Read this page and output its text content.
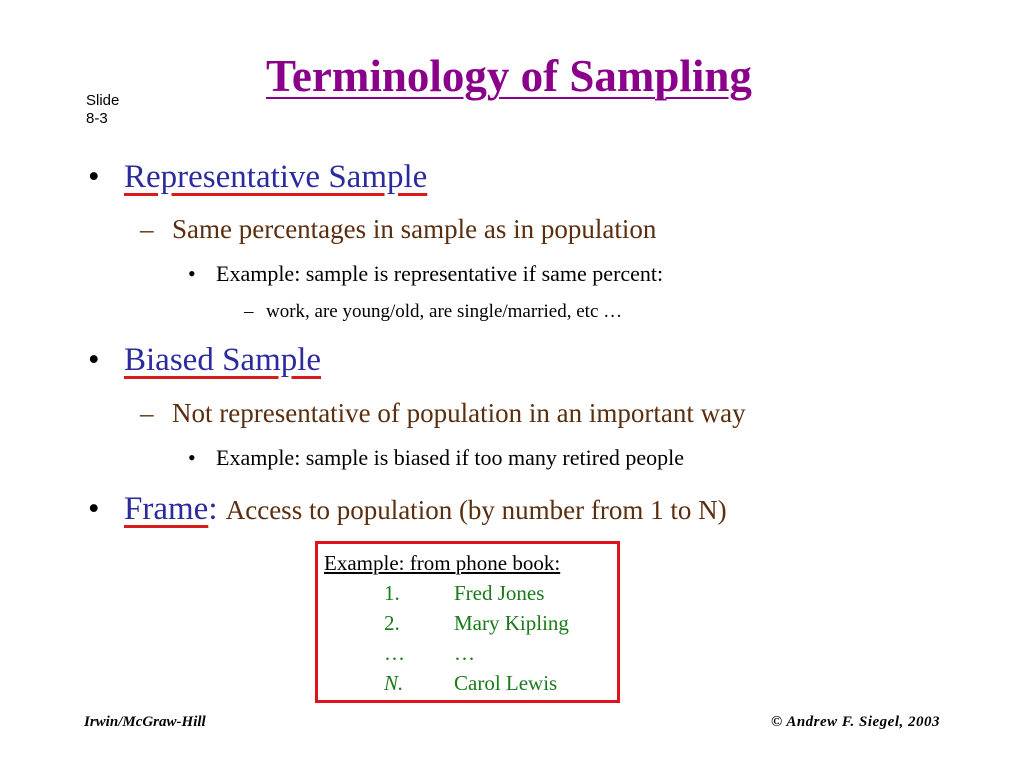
Slide
8-3
Terminology of Sampling
• Representative Sample
– Same percentages in sample as in population
• Example: sample is representative if same percent:
– work, are young/old, are single/married, etc …
• Biased Sample
– Not representative of population in an important way
• Example: sample is biased if too many retired people
• Frame: Access to population (by number from 1 to N)
Example: from phone book:
1.	Fred Jones
2.	Mary Kipling
… …
N. Carol Lewis
Irwin/McGraw-Hill	© Andrew F. Siegel, 2003
